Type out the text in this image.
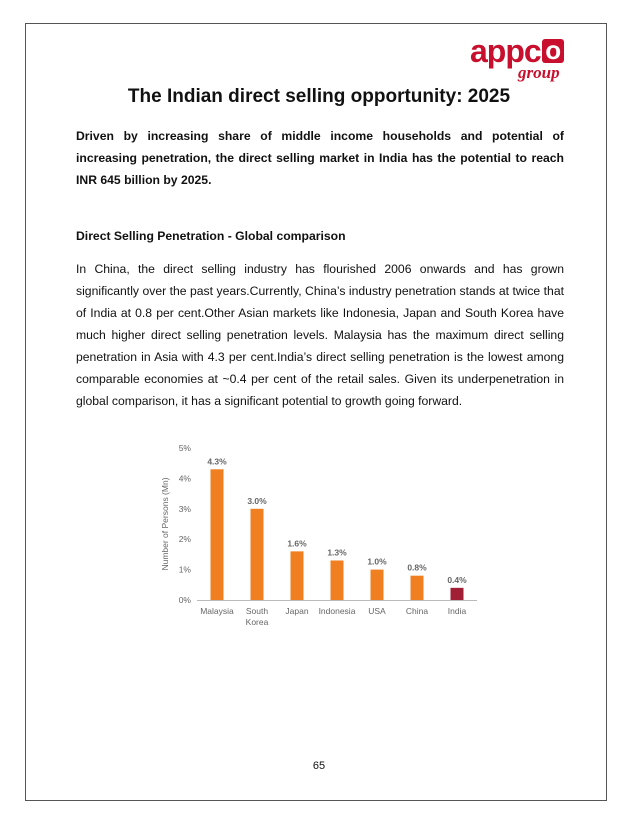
appc o
group
The Indian direct selling opportunity: 2025
Driven by increasing share of middle income households and potential of increasing penetration, the direct selling market in India has the potential to reach INR 645 billion by 2025.
Direct Selling Penetration - Global comparison
In China, the direct selling industry has flourished 2006 onwards and has grown significantly over the past years.Currently, China’s industry penetration stands at twice that of India at 0.8 per cent.Other Asian markets like Indonesia, Japan and South Korea have much higher direct selling penetration levels. Malaysia has the maximum direct selling penetration in Asia with 4.3 per cent.India’s direct selling penetration is the lowest among comparable economies at ~0.4 per cent of the retail sales. Given its underpenetration in global comparison, it has a significant potential to growth going forward.
Number of Persons (Mn)
0%
1%
2%
3%
4%
5%
4.3%
Malaysia
3.0%
South
Korea
1.6%
Japan
1.3%
Indonesia
1.0%
USA
0.8%
China
0.4%
India
65
